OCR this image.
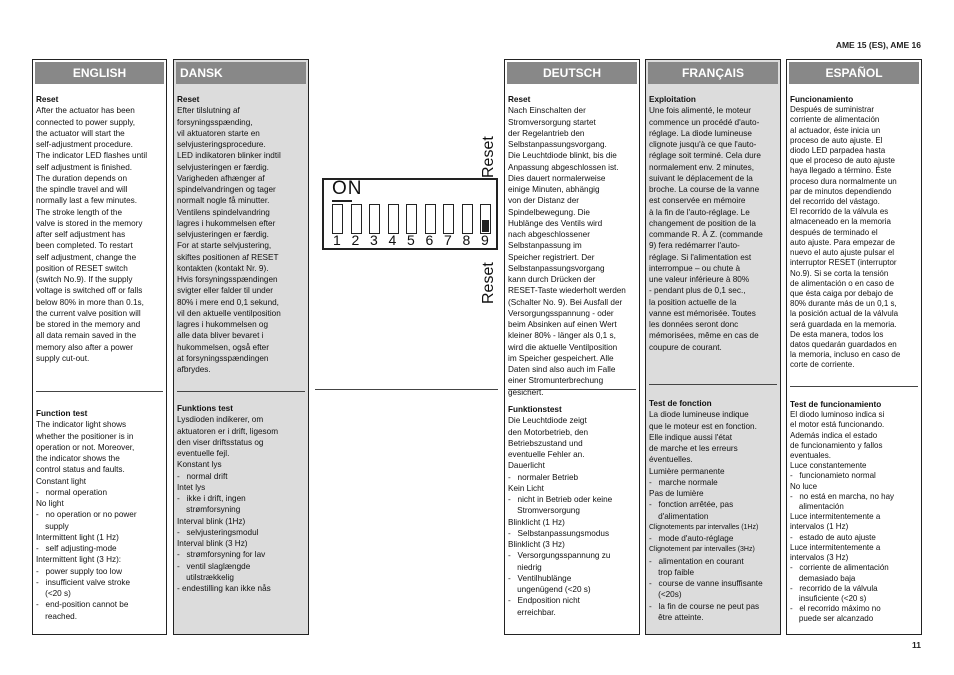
AME 15 (ES), AME 16
ENGLISH
Reset
After the actuator has been
connected to power supply,
the actuator will start the
self-adjustment procedure.
The indicator LED flashes until
self adjustment is finished.
The duration depends on
the spindle travel and will
normally last a few minutes.
The stroke length of the
valve is stored in the memory
after self adjustment has
been completed. To restart
self adjustment, change the
position of RESET switch
(switch No.9). If the supply
voltage is switched off or falls
below 80% in more than 0.1s,
the current valve position will
be stored in the memory and
all data remain saved in the
memory also after a power
supply cut-out.
Function test
The indicator light shows
whether the positioner is in
operation or not. Moreover,
the indicator shows the
control status and faults.
Constant light
-   normal operation
No light
-   no operation or no power
supply
Intermittent light (1 Hz)
-   self adjusting-mode
Intermittent light (3 Hz):
-   power supply too low
-   insufficient valve stroke
(<20 s)
-   end-position cannot be
reached.
DANSK
Reset
Efter tilslutning af
forsyningsspænding,
vil aktuatoren starte en
selvjusteringsprocedure.
LED indikatoren blinker indtil
selvjusteringen er færdig.
Varigheden afhænger af
spindelvandringen og tager
normalt nogle få minutter.
Ventilens spindelvandring
lagres i hukommelsen efter
selvjusteringen er færdig.
For at starte selvjustering,
skiftes positionen af RESET
kontakten (kontakt Nr. 9).
Hvis forsyningsspændingen
svigter eller falder til under
80% i mere end 0,1 sekund,
vil den aktuelle ventilposition
lagres i hukommelsen og
alle data bliver bevaret i
hukommelsen, også efter
at forsyningsspændingen
afbrydes.
Funktions test
Lysdioden indikerer, om
aktuatoren er i drift, ligesom
den viser driftsstatus og
eventuelle fejl.
Konstant lys
-   normal drift
Intet lys
-   ikke i drift, ingen
strømforsyning
Interval blink (1Hz)
-   selvjusteringsmodul
Interval blink (3 Hz)
-   strømforsyning for lav
-   ventil slaglængde
utilstrækkelig
- endestilling kan ikke nås
ON
1 2 3 4 5 6 7 8 9
Reset
Reset
DEUTSCH
Reset
Nach Einschalten der
Stromversorgung startet
der Regelantrieb den
Selbstanpassungsvorgang.
Die Leuchtdiode blinkt, bis die
Anpassung abgeschlossen ist.
Dies dauert normalerweise
einige Minuten, abhängig
von der Distanz der
Spindelbewegung. Die
Hublänge des Ventils wird
nach abgeschlossener
Selbstanpassung im
Speicher registriert. Der
Selbstanpassungsvorgang
kann durch Drücken der
RESET-Taste wiederholt werden
(Schalter No. 9). Bei Ausfall der
Versorgungsspannung - oder
beim Absinken auf einen Wert
kleiner 80% - länger als 0,1 s,
wird die aktuelle Ventilposition
im Speicher gespeichert. Alle
Daten sind also auch im Falle
einer Stromunterbrechung
gesichert.
Funktionstest
Die Leuchtdiode zeigt
den Motorbetrieb, den
Betriebszustand und
eventuelle Fehler an.
Dauerlicht
-   normaler Betrieb
Kein Licht
-   nicht in Betrieb oder keine
Stromversorgung
Blinklicht (1 Hz)
-   Selbstanpassungsmodus
Blinklicht (3 Hz)
-   Versorgungsspannung zu
niedrig
-   Ventilhublänge
ungenügend (<20 s)
-   Endposition nicht
erreichbar.
FRANÇAIS
Exploitation
Une fois alimenté, le moteur
commence un procédé d'auto-
réglage. La diode lumineuse
clignote jusqu'à ce que l'auto-
réglage soit terminé. Cela dure
normalement env. 2 minutes,
suivant le déplacement de la
broche. La course de la vanne
est conservée en mémoire
à la fin de l'auto-réglage. Le
changement de position de la
commande R. À Z. (commande
9) fera redémarrer l'auto-
réglage. Si l'alimentation est
interrompue – ou chute à
une valeur inférieure à 80%
- pendant plus de 0,1 sec.,
la position actuelle de la
vanne est mémorisée. Toutes
les données seront donc
mémorisées, même en cas de
coupure de courant.
Test de fonction
La diode lumineuse indique
que le moteur est en fonction.
Elle indique aussi l'état
de marche et les erreurs
éventuelles.
Lumière permanente
-   marche normale
Pas de lumière
-   fonction arrêtée, pas
d'alimentation
Clignotements par intervalles (1Hz)
-   mode d'auto-réglage
Clignotement par intervalles (3Hz)
-   alimentation en courant
trop faible
-   course de vanne insuffisante
(<20s)
-   la fin de course ne peut pas
être atteinte.
ESPAÑOL
Funcionamiento
Después de suministrar
corriente de alimentación
al actuador, éste inicia un
proceso de auto ajuste. El
diodo LED parpadea hasta
que el proceso de auto ajuste
haya llegado a término. Éste
proceso dura normalmente un
par de minutos dependiendo
del recorrido del vástago.
El recorrido de la válvula es
almaceneado en la memoria
después de terminado el
auto ajuste. Para empezar de
nuevo el auto ajuste pulsar el
interruptor RESET (interruptor
No.9). Si se corta la tensión
de alimentación o en caso de
que ésta caiga por debajo de
80% durante más de un 0,1 s,
la posición actual de la válvula
será guardada en la memoria.
De esta manera, todos los
datos quedarán guardados en
la memoria, incluso en caso de
corte de corriente.
Test de funcionamiento
El diodo luminoso indica si
el motor está funcionando.
Además indica el estado
de funcionamiento y fallos
eventuales.
Luce constantemente
-   funcionamieto normal
No luce
-   no está en marcha, no hay
alimentación
Luce intermitentemente a
intervalos (1 Hz)
-   estado de auto ajuste
Luce intermitentemente a
intervalos (3 Hz)
-   corriente de alimentación
demasiado baja
-   recorrido de la válvula
insuficiente (<20 s)
-   el recorrido máximo no
puede ser alcanzado
11
